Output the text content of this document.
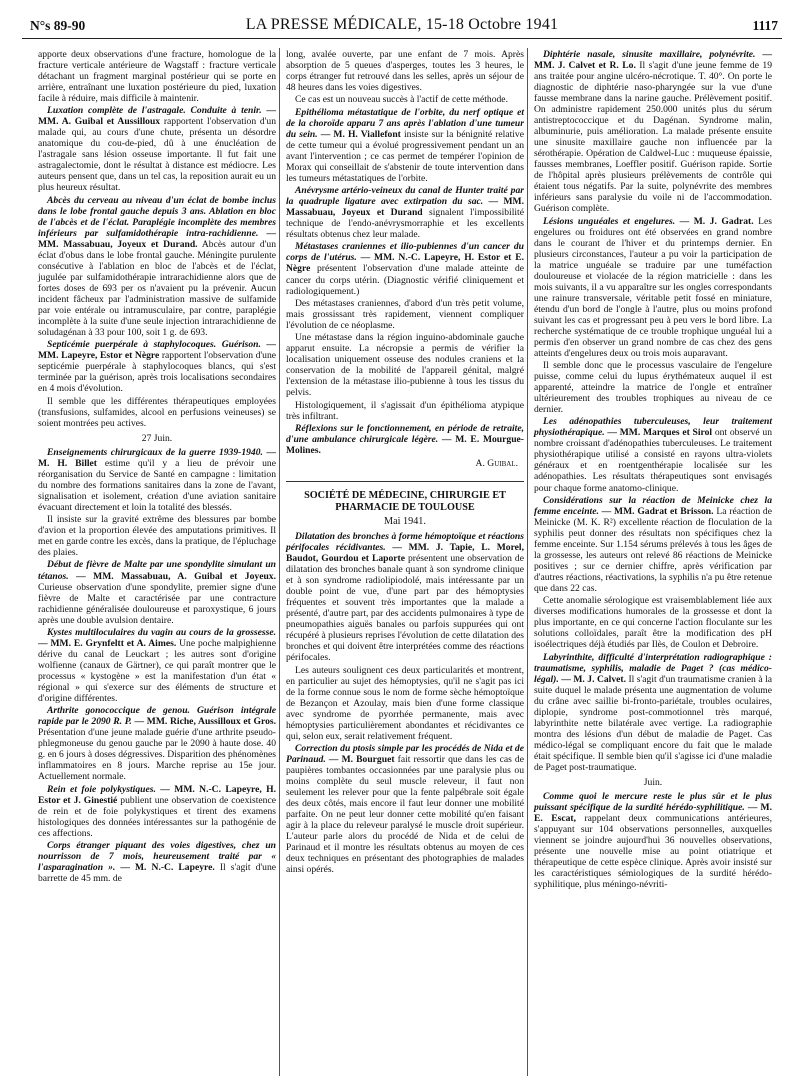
N°s 89-90	LA PRESSE MÉDICALE, 15-18 Octobre 1941	1117

apporte deux observations d'une fracture, homologue de la fracture verticale antérieure de Wagstaff : fracture verticale détachant un fragment marginal postérieur qui se porte en arrière, entraînant une luxation postérieure du pied, luxation facile à réduire, mais difficile à maintenir.

Luxation complète de l'astragale. Conduite à tenir. — MM. A. Guibal et Aussilloux rapportent l'observation d'un malade qui, au cours d'une chute, présenta un désordre anatomique du cou-de-pied, dû à une énucléation de l'astragale sans lésion osseuse importante. Il fut fait une astragalectomie, dont le résultat à distance est médiocre. Les auteurs pensent que, dans un tel cas, la reposition aurait eu un plus heureux résultat.

Abcès du cerveau au niveau d'un éclat de bombe inclus dans le lobe frontal gauche depuis 3 ans. Ablation en bloc de l'abcès et de l'éclat. Paraplégie incomplète des membres inférieurs par sulfamidothérapie intra-rachidienne. — MM. Massabuau, Joyeux et Durand. Abcès autour d'un éclat d'obus dans le lobe frontal gauche. Méningite purulente consécutive à l'ablation en bloc de l'abcès et de l'éclat, jugulée par sulfamidothérapie intrarachidienne alors que de fortes doses de 693 per os n'avaient pu la prévenir. Aucun incident fâcheux par l'administration massive de sulfamide par voie entérale ou intramusculaire, par contre, paraplégie incomplète à la suite d'une seule injection intrarachidienne de soludagénan à 33 pour 100, soit 1 g. de 693.

Septicémie puerpérale à staphylocoques. Guérison. — MM. Lapeyre, Estor et Nègre rapportent l'observation d'une septicémie puerpérale à staphylocoques blancs, qui s'est terminée par la guérison, après trois localisations secondaires en 4 mois d'évolution.

Il semble que les différentes thérapeutiques employées (transfusions, sulfamides, alcool en perfusions veineuses) se soient montrées peu actives.

27 Juin.

Enseignements chirurgicaux de la guerre 1939-1940. — M. H. Billet estime qu'il y a lieu de prévoir une réorganisation du Service de Santé en campagne : limitation du nombre des formations sanitaires dans la zone de l'avant, signalisation et isolement, création d'une aviation sanitaire évacuant directement et loin la totalité des blessés.

Il insiste sur la gravité extrême des blessures par bombe d'avion et la proportion élevée des amputations primitives. Il met en garde contre les excès, dans la pratique, de l'épluchage des plaies.

Début de fièvre de Malte par une spondylite simulant un tétanos. — MM. Massabuau, A. Guibal et Joyeux. Curieuse observation d'une spondylite, premier signe d'une fièvre de Malte et caractérisée par une contracture rachidienne généralisée douloureuse et paroxystique, 6 jours après une double avulsion dentaire.

Kystes multiloculaires du vagin au cours de la grossesse. — MM. E. Grynfeltt et A. Aimes. Une poche malpighienne dérive du canal de Leuckart ; les autres sont d'origine wolfienne (canaux de Gärtner), ce qui paraît montrer que le processus « kystogène » est la manifestation d'un état « régional » qui s'exerce sur des éléments de structure et d'origine différentes.

Arthrite gonococcique de genou. Guérison intégrale rapide par le 2090 R. P. — MM. Riche, Aussilloux et Gros. Présentation d'une jeune malade guérie d'une arthrite pseudo-phlegmoneuse du genou gauche par le 2090 à haute dose. 40 g. en 6 jours à doses dégressives. Disparition des phénomènes inflammatoires en 8 jours. Marche reprise au 15e jour. Actuellement normale.

Rein et foie polykystiques. — MM. N.-C. Lapeyre, H. Estor et J. Ginestié publient une observation de coexistence de rein et de foie polykystiques et tirent des examens histologiques des données intéressantes sur la pathogénie de ces affections.

Corps étranger piquant des voies digestives, chez un nourrisson de 7 mois, heureusement traité par « l'asparagination ». — M. N.-C. Lapeyre. Il s'agit d'une barrette de 45 mm. de

long, avalée ouverte, par une enfant de 7 mois. Après absorption de 5 queues d'asperges, toutes les 3 heures, le corps étranger fut retrouvé dans les selles, après un séjour de 48 heures dans les voies digestives.

Ce cas est un nouveau succès à l'actif de cette méthode.

Epithélioma métastatique de l'orbite, du nerf optique et de la choroïde apparu 7 ans après l'ablation d'une tumeur du sein. — M. H. Viallefont insiste sur la bénignité relative de cette tumeur qui a évolué progressivement pendant un an avant l'intervention ; ce cas permet de tempérer l'opinion de Morax qui conseillait de s'abstenir de toute intervention dans les tumeurs métastatiques de l'orbite.

Anévrysme artério-veineux du canal de Hunter traité par la quadruple ligature avec extirpation du sac. — MM. Massabuau, Joyeux et Durand signalent l'impossibilité technique de l'endo-anévrysmorraphie et les excellents résultats obtenus chez leur malade.

Métastases craniennes et ilio-pubiennes d'un cancer du corps de l'utérus. — MM. N.-C. Lapeyre, H. Estor et E. Nègre présentent l'observation d'une malade atteinte de cancer du corps utérin. (Diagnostic vérifié cliniquement et radiologiquement.)

Des métastases craniennes, d'abord d'un très petit volume, mais grossissant très rapidement, viennent compliquer l'évolution de ce néoplasme.

Une métastase dans la région inguino-abdominale gauche apparut ensuite. La nécropsie a permis de vérifier la localisation uniquement osseuse des nodules craniens et la conservation de la mobilité de l'appareil génital, malgré l'extension de la métastase ilio-pubienne à tous les tissus du pelvis.

Histologiquement, il s'agissait d'un épithélioma atypique très infiltrant.

Réflexions sur le fonctionnement, en période de retraite, d'une ambulance chirurgicale légère. — M. E. Mourgue-Molines.

A. Guibal.

SOCIÉTÉ DE MÉDECINE, CHIRURGIE ET PHARMACIE DE TOULOUSE
Mai 1941.

Dilatation des bronches à forme hémoptoïque et réactions périfocales récidivantes. — MM. J. Tapie, L. Morel, Baudot, Gourdou et Laporte présentent une observation de dilatation des bronches banale quant à son syndrome clinique et à son syndrome radiolipiodolé, mais intéressante par un double point de vue, d'une part par des hémoptysies fréquentes et souvent très importantes que la malade a présenté, d'autre part, par des accidents pulmonaires à type de pneumopathies aiguës banales ou parfois suppurées qui ont récupéré à plusieurs reprises l'évolution de cette dilatation des bronches et qui doivent être interprétées comme des réactions périfocales.

Les auteurs soulignent ces deux particularités et montrent, en particulier au sujet des hémoptysies, qu'il ne s'agit pas ici de la forme connue sous le nom de forme sèche hémoptoïque de Bezançon et Azoulay, mais bien d'une forme classique avec syndrome de pyorrhée permanente, mais avec hémoptysies particulièrement abondantes et récidivantes ce qui, selon eux, serait relativement fréquent.

Correction du ptosis simple par les procédés de Nida et de Parinaud. — M. Bourguet fait ressortir que dans les cas de paupières tombantes occasionnées par une paralysie plus ou moins complète du seul muscle releveur, il faut non seulement les relever pour que la fente palpébrale soit égale des deux côtés, mais encore il faut leur donner une mobilité parfaite. On ne peut leur donner cette mobilité qu'en faisant agir à la place du releveur paralysé le muscle droit supérieur. L'auteur parle alors du procédé de Nida et de celui de Parinaud et il montre les résultats obtenus au moyen de ces deux techniques en présentant des photographies de malades ainsi opérés.

Diphtérie nasale, sinusite maxillaire, polynévrite. — MM. J. Calvet et R. Lo. Il s'agit d'une jeune femme de 19 ans traitée pour angine ulcéro-nécrotique. T. 40°. On porte le diagnostic de diphtérie naso-pharyngée sur la vue d'une fausse membrane dans la narine gauche. Prélèvement positif. On administre rapidement 250.000 unités plus du sérum antistreptococcique et du Dagénan. Syndrome malin, albuminurie, puis amélioration. La malade présente ensuite une sinusite maxillaire gauche non influencée par la sérothérapie. Opération de Caldwel-Luc : muqueuse épaissie, fausses membranes, Loeffler positif. Guérison rapide. Sortie de l'hôpital après plusieurs prélèvements de contrôle qui étaient tous négatifs. Par la suite, polynévrite des membres inférieurs sans paralysie du voile ni de l'accommodation. Guérison complète.

Lésions unguéales et engelures. — M. J. Gadrat. Les engelures ou froidures ont été observées en grand nombre dans le courant de l'hiver et du printemps dernier. En plusieurs circonstances, l'auteur a pu voir la participation de la matrice unguéale se traduire par une tuméfaction douloureuse et violacée de la région matricielle : dans les mois suivants, il a vu apparaître sur les ongles correspondants une rainure transversale, véritable petit fossé en miniature, étendu d'un bord de l'ongle à l'autre, plus ou moins profond suivant les cas et progressant peu à peu vers le bord libre. La recherche systématique de ce trouble trophique unguéal lui a permis d'en observer un grand nombre de cas chez des gens atteints d'engelures deux ou trois mois auparavant.

Il semble donc que le processus vasculaire de l'engelure puisse, comme celui du lupus érythémateux auquel il est apparenté, atteindre la matrice de l'ongle et entraîner ultérieurement des troubles trophiques au niveau de ce dernier.

Les adénopathies tuberculeuses, leur traitement physiothérapique. — MM. Marques et Sirol ont observé un nombre croissant d'adénopathies tuberculeuses. Le traitement physiothérapique utilisé a consisté en rayons ultra-violets généraux et en roentgenthérapie localisée sur les adénopathies. Les résultats thérapeutiques sont envisagés pour chaque forme anatomo-clinique.

Considérations sur la réaction de Meinicke chez la femme enceinte. — MM. Gadrat et Brisson. La réaction de Meinicke (M. K. R²) excellente réaction de floculation de la syphilis peut donner des résultats non spécifiques chez la femme enceinte. Sur 1.154 sérums prélevés à tous les âges de la grossesse, les auteurs ont relevé 86 réactions de Meinicke positives ; sur ce dernier chiffre, après vérification par d'autres réactions, réactivations, la syphilis n'a pu être retenue que dans 22 cas.

Cette anomalie sérologique est vraisemblablement liée aux diverses modifications humorales de la grossesse et dont la plus importante, en ce qui concerne l'action floculante sur les solutions colloïdales, paraît être la modification des pH isoélectriques déjà étudiés par Ilès, de Coulon et Debroire.

Labyrinthite, difficulté d'interprétation radiographique : traumatisme, syphilis, maladie de Paget ? (cas médico-légal). — M. J. Calvet. Il s'agit d'un traumatisme cranien à la suite duquel le malade présenta une augmentation de volume du crâne avec saillie bi-fronto-pariétale, troubles oculaires, diplopie, syndrome post-commotionnel très marqué, labyrinthite nette bilatérale avec vertige. La radiographie montra des lésions d'un début de maladie de Paget. Cas médico-légal se compliquant encore du fait que le malade était spécifique. Il semble bien qu'il s'agisse ici d'une maladie de Paget post-traumatique.

Juin.

Comme quoi le mercure reste le plus sûr et le plus puissant spécifique de la surdité hérédo-syphilitique. — M. E. Escat, rappelant deux communications antérieures, s'appuyant sur 104 observations personnelles, auxquelles viennent se joindre aujourd'hui 36 nouvelles observations, présente une nouvelle mise au point otiatrique et thérapeutique de cette espèce clinique. Après avoir insisté sur les caractéristiques sémiologiques de la surdité hérédo-syphilitique, plus méningo-névriti-
